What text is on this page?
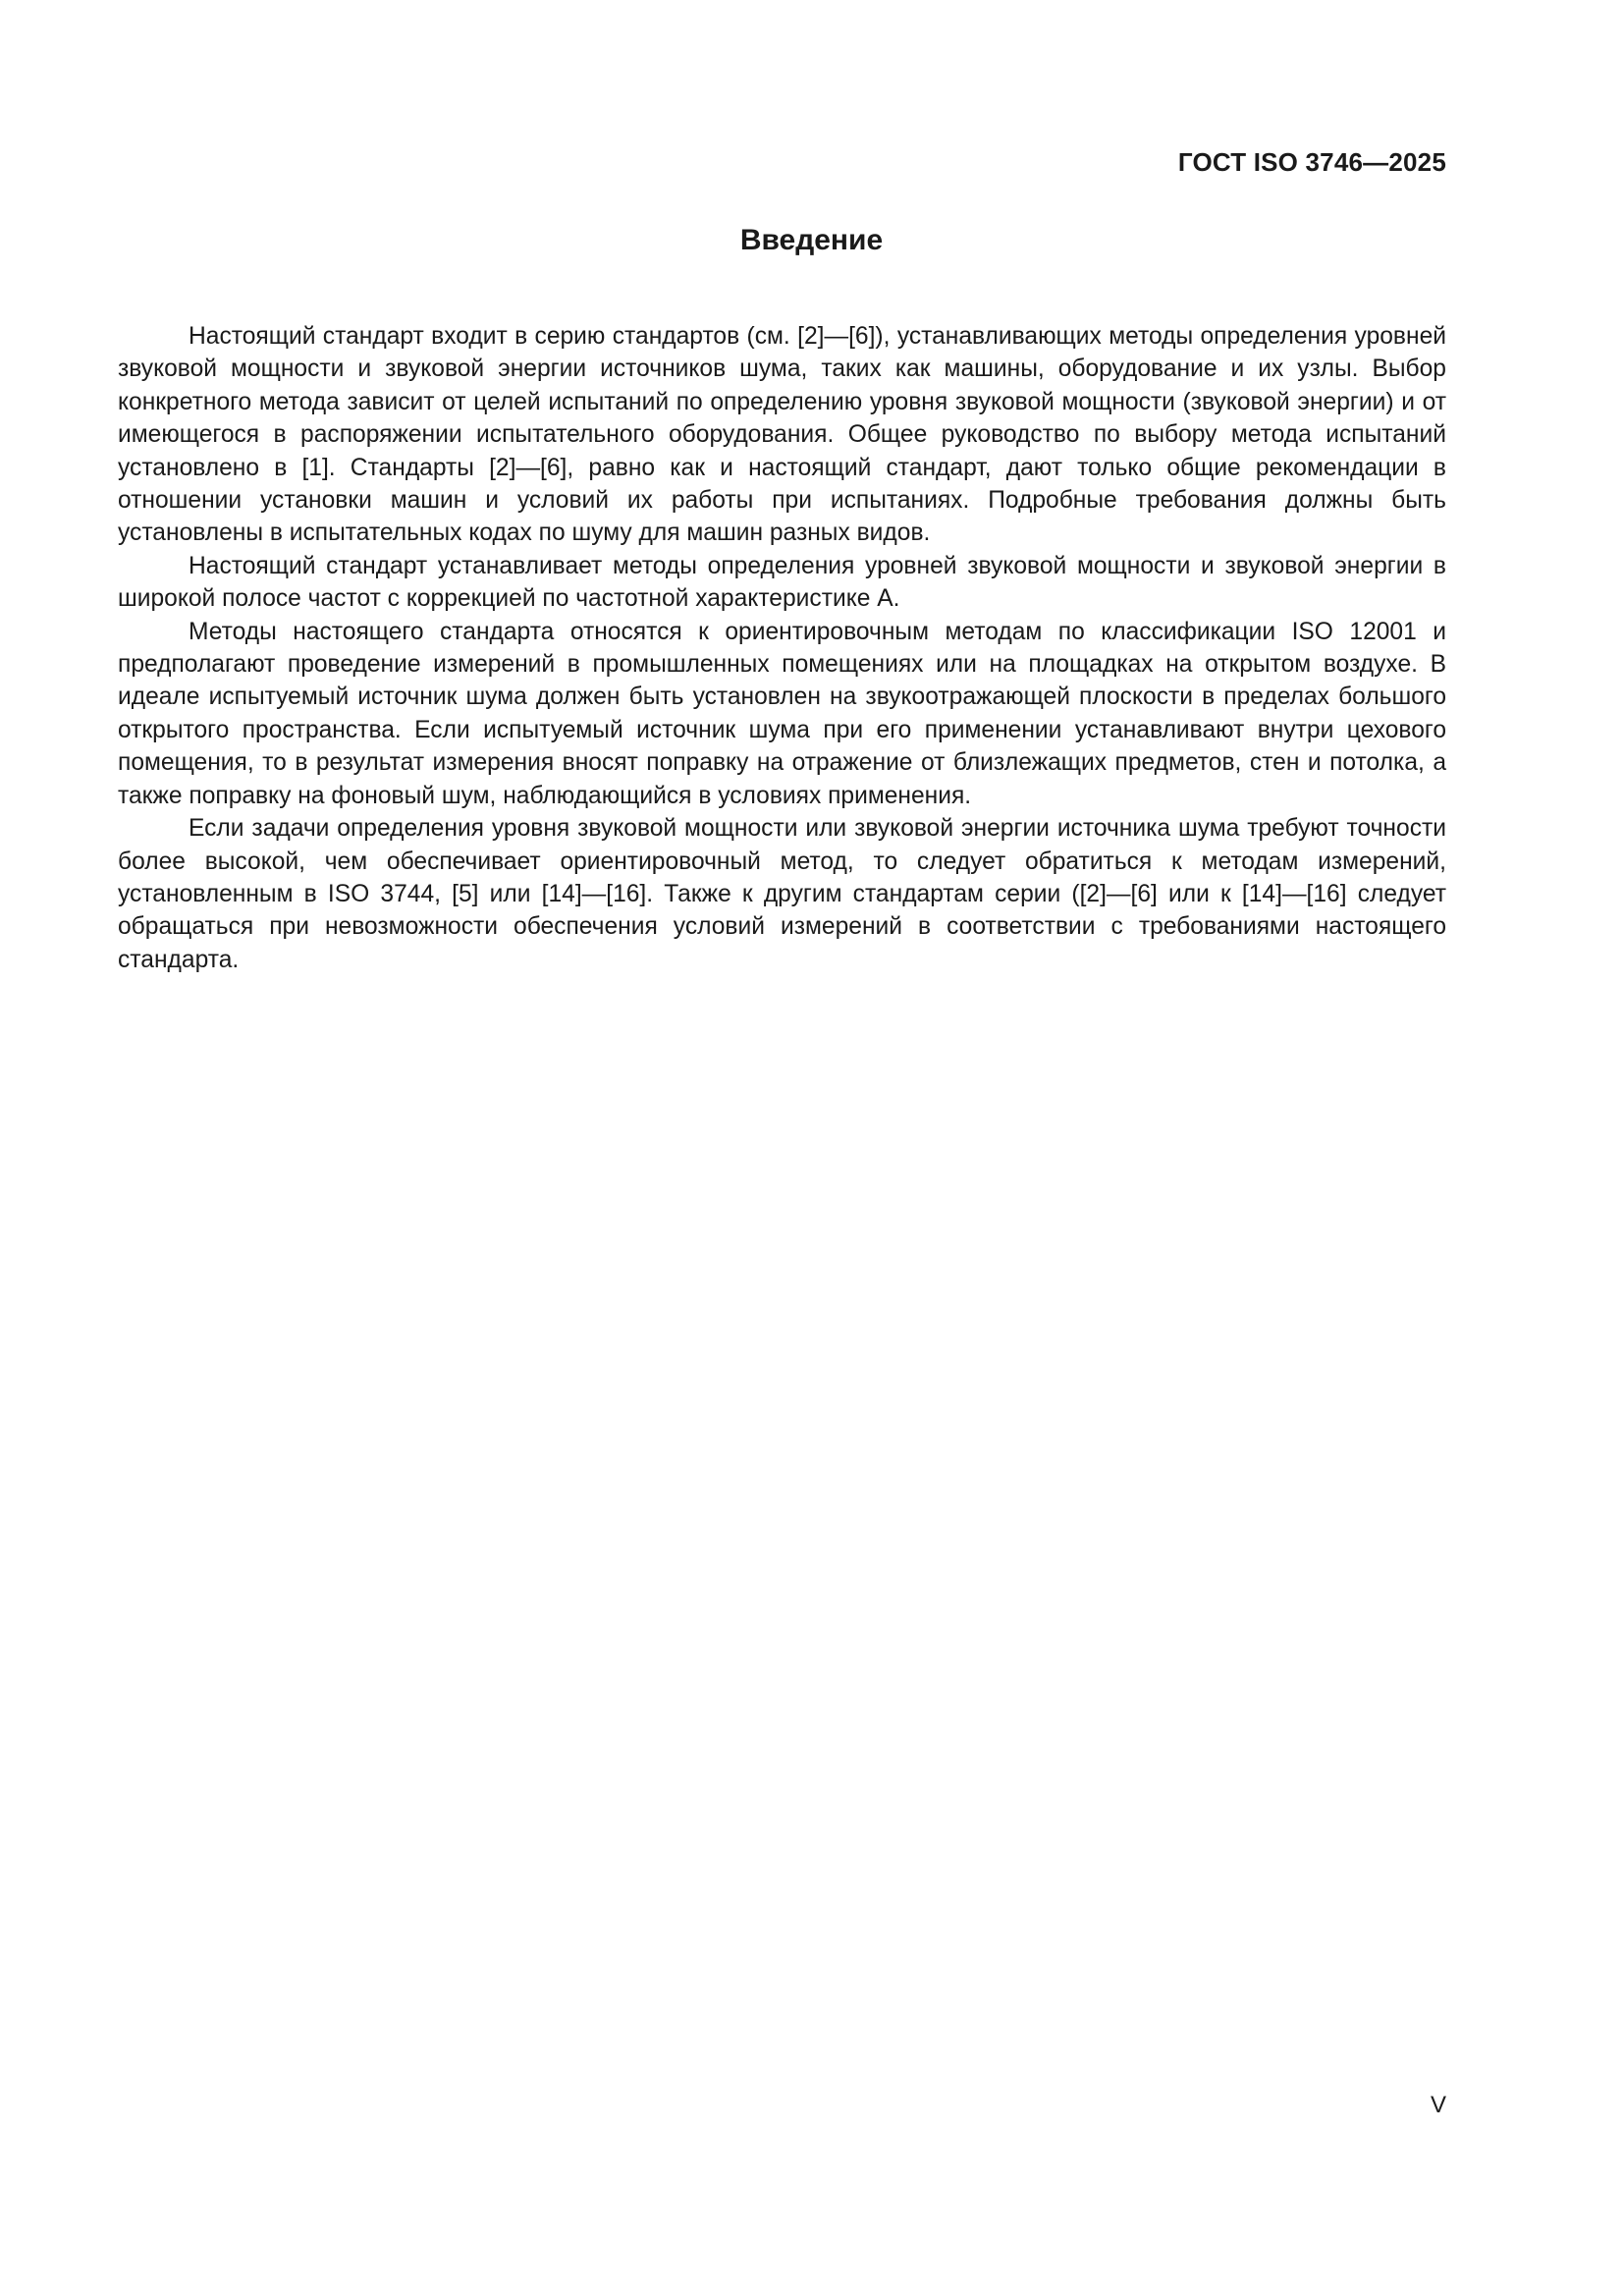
ГОСТ ISO 3746—2025
Введение

Настоящий стандарт входит в серию стандартов (см. [2]—[6]), устанавливающих методы определения уровней звуковой мощности и звуковой энергии источников шума, таких как машины, оборудование и их узлы. Выбор конкретного метода зависит от целей испытаний по определению уровня звуковой мощности (звуковой энергии) и от имеющегося в распоряжении испытательного оборудования. Общее руководство по выбору метода испытаний установлено в [1]. Стандарты [2]—[6], равно как и настоящий стандарт, дают только общие рекомендации в отношении установки машин и условий их работы при испытаниях. Подробные требования должны быть установлены в испытательных кодах по шуму для машин разных видов.

Настоящий стандарт устанавливает методы определения уровней звуковой мощности и звуковой энергии в широкой полосе частот с коррекцией по частотной характеристике А.

Методы настоящего стандарта относятся к ориентировочным методам по классификации ISO 12001 и предполагают проведение измерений в промышленных помещениях или на площадках на открытом воздухе. В идеале испытуемый источник шума должен быть установлен на звукоотражающей плоскости в пределах большого открытого пространства. Если испытуемый источник шума при его применении устанавливают внутри цехового помещения, то в результат измерения вносят поправку на отражение от близлежащих предметов, стен и потолка, а также поправку на фоновый шум, наблюдающийся в условиях применения.

Если задачи определения уровня звуковой мощности или звуковой энергии источника шума требуют точности более высокой, чем обеспечивает ориентировочный метод, то следует обратиться к методам измерений, установленным в ISO 3744, [5] или [14]—[16]. Также к другим стандартам серии ([2]—[6] или к [14]—[16] следует обращаться при невозможности обеспечения условий измерений в соответствии с требованиями настоящего стандарта.

V
